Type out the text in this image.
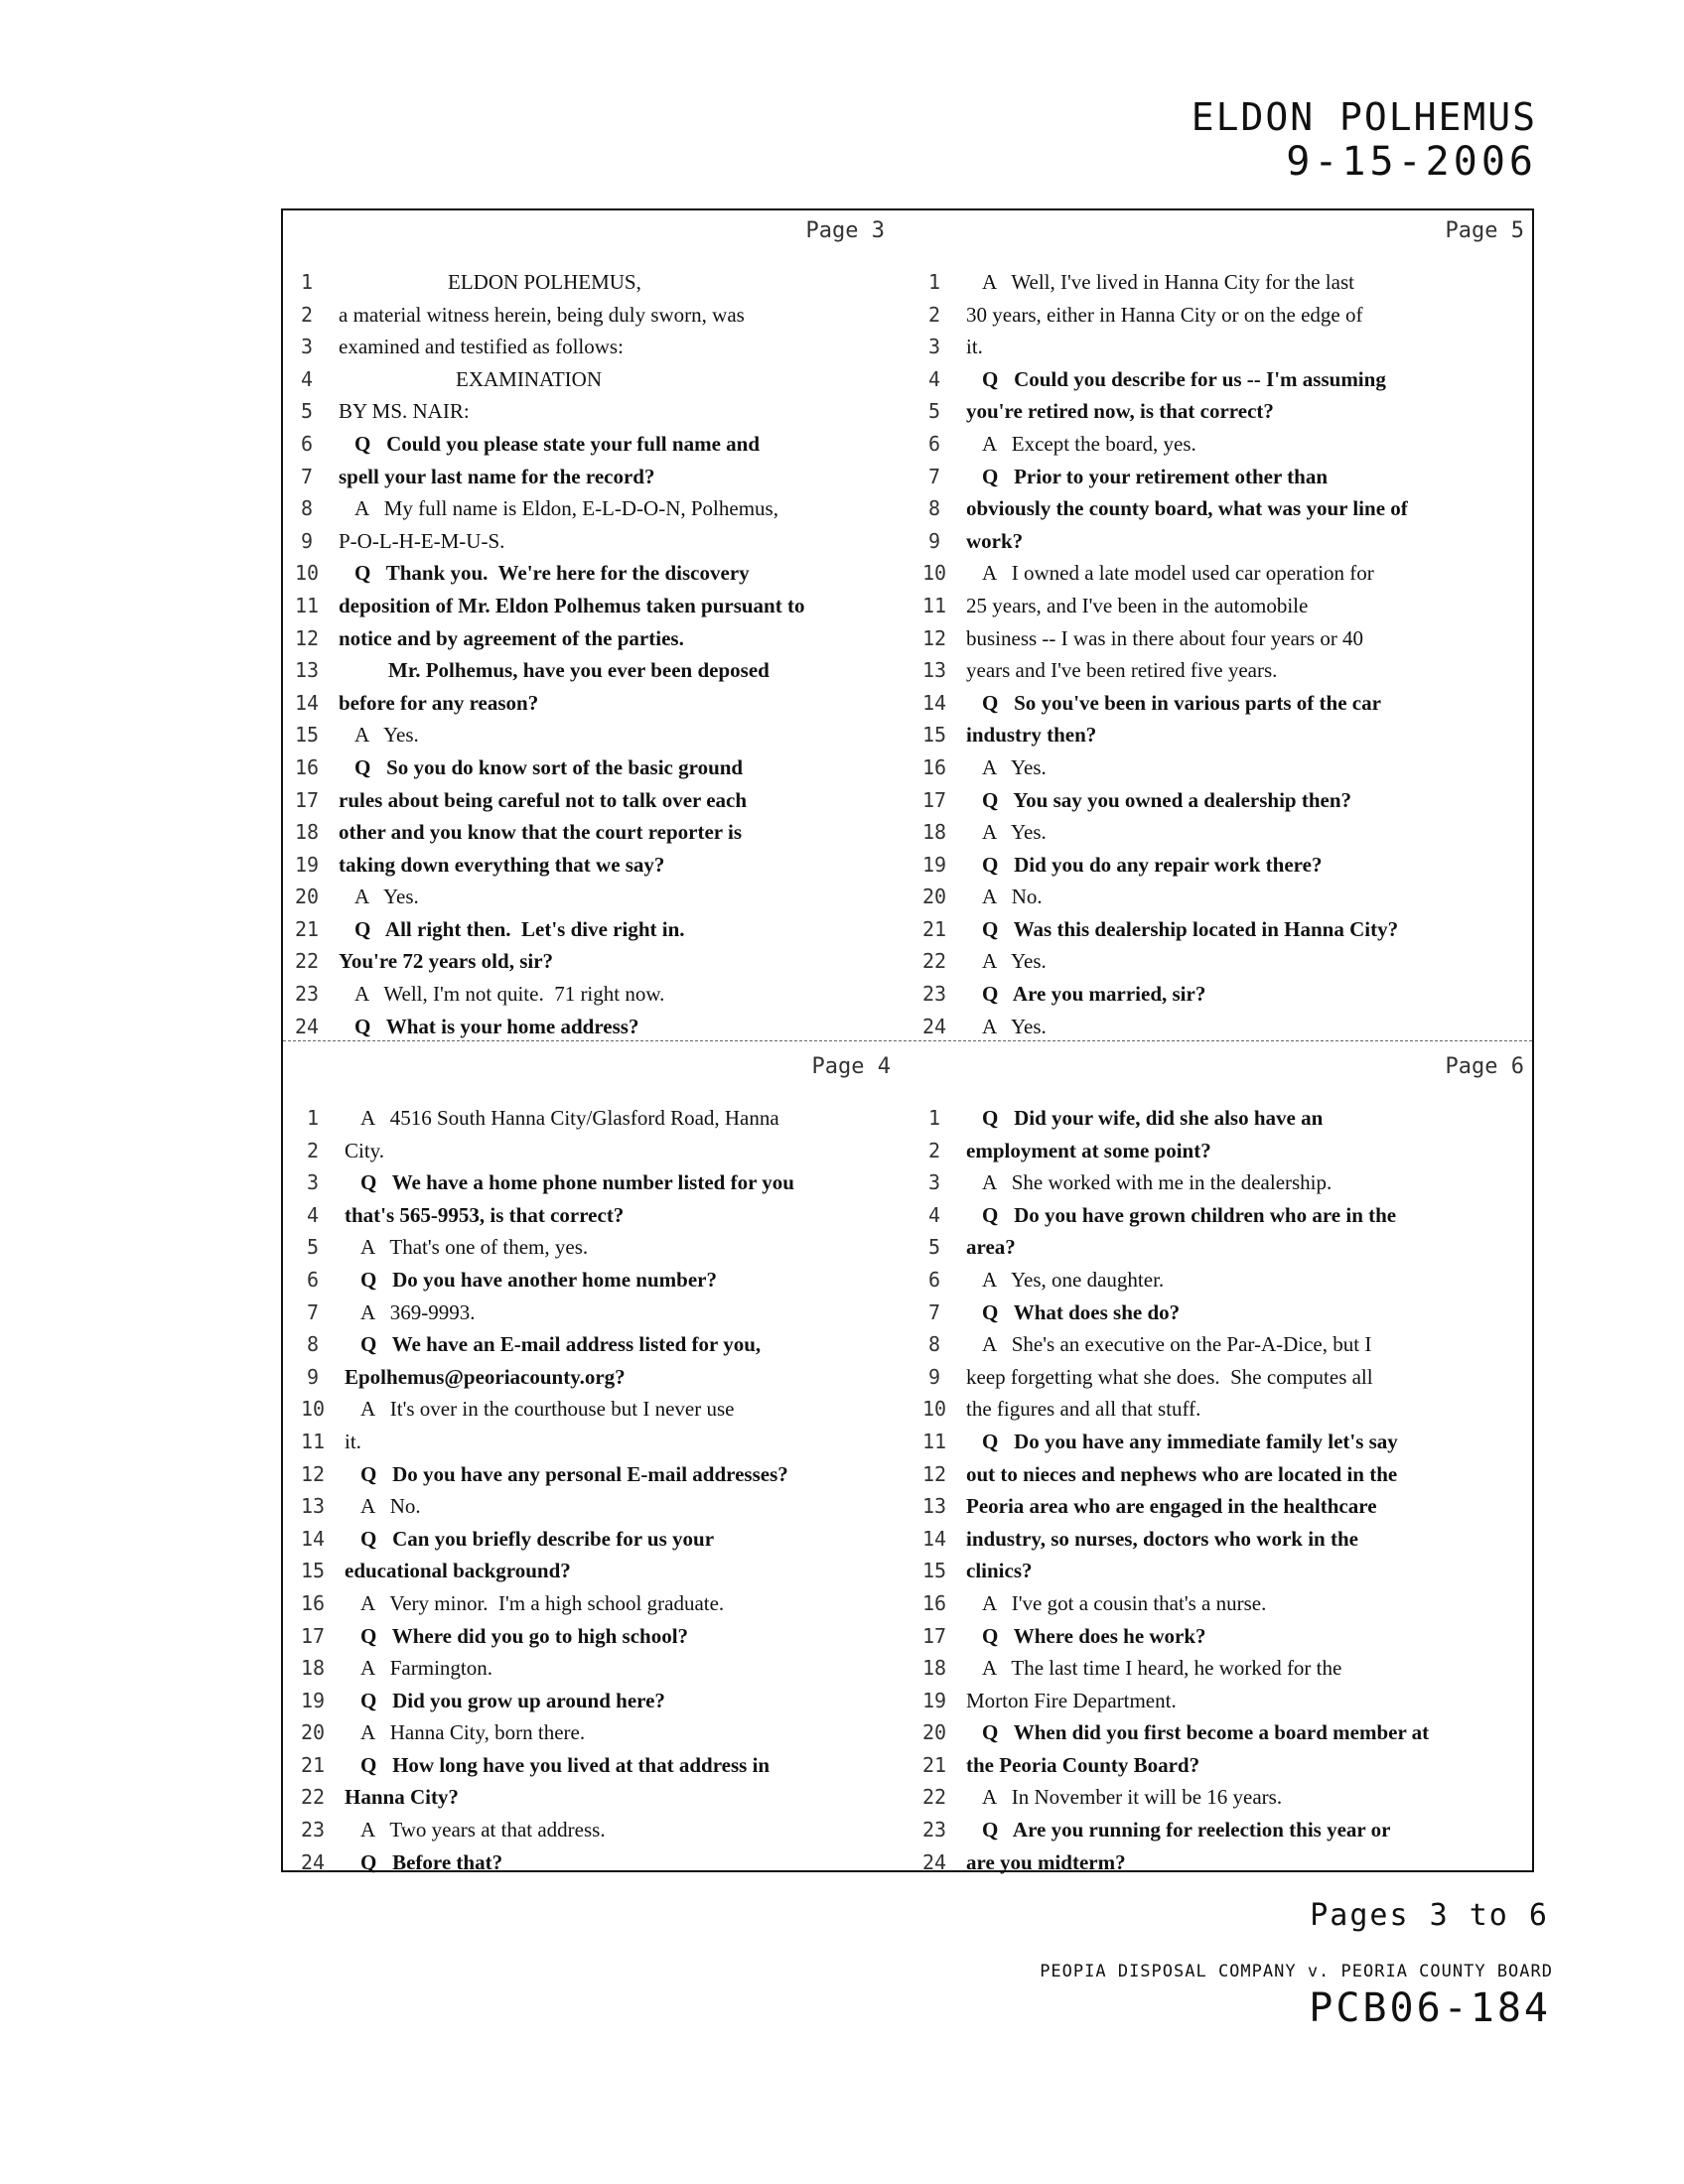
ELDON POLHEMUS
9-15-2006
Page 3
1	ELDON POLHEMUS,
2	a material witness herein, being duly sworn, was
3	examined and testified as follows:
4	EXAMINATION
5	BY MS. NAIR:
6	Q   Could you please state your full name and
7	spell your last name for the record?
8	A   My full name is Eldon, E-L-D-O-N, Polhemus,
9	P-O-L-H-E-M-U-S.
10	Q   Thank you.  We're here for the discovery
11 deposition of Mr. Eldon Polhemus taken pursuant to
12 notice and by agreement of the parties.
13	Mr. Polhemus, have you ever been deposed
14 before for any reason?
15	A   Yes.
16	Q   So you do know sort of the basic ground
17 rules about being careful not to talk over each
18 other and you know that the court reporter is
19 taking down everything that we say?
20	A   Yes.
21	Q   All right then.  Let's dive right in.
22 You're 72 years old, sir?
23	A   Well, I'm not quite.  71 right now.
24	Q   What is your home address?
Page 5
1	A   Well, I've lived in Hanna City for the last
2	30 years, either in Hanna City or on the edge of
3	it.
4	Q   Could you describe for us -- I'm assuming
5	you're retired now, is that correct?
6	A   Except the board, yes.
7	Q   Prior to your retirement other than
8	obviously the county board, what was your line of
9	work?
10	A   I owned a late model used car operation for
11 25 years, and I've been in the automobile
12 business -- I was in there about four years or 40
13 years and I've been retired five years.
14	Q   So you've been in various parts of the car
15 industry then?
16	A   Yes.
17	Q   You say you owned a dealership then?
18	A   Yes.
19	Q   Did you do any repair work there?
20	A   No.
21	Q   Was this dealership located in Hanna City?
22	A   Yes.
23	Q   Are you married, sir?
24	A   Yes.
Page 4
1	A   4516 South Hanna City/Glasford Road, Hanna
2	City.
3	Q   We have a home phone number listed for you
4	that's 565-9953, is that correct?
5	A   That's one of them, yes.
6	Q   Do you have another home number?
7	A   369-9993.
8	Q   We have an E-mail address listed for you,
9	Epolhemus@peoriacounty.org?
10	A   It's over in the courthouse but I never use
11 it.
12	Q   Do you have any personal E-mail addresses?
13	A   No.
14	Q   Can you briefly describe for us your
15 educational background?
16	A   Very minor.  I'm a high school graduate.
17	Q   Where did you go to high school?
18	A   Farmington.
19	Q   Did you grow up around here?
20	A   Hanna City, born there.
21	Q   How long have you lived at that address in
22 Hanna City?
23	A   Two years at that address.
24	Q   Before that?
Page 6
1	Q   Did your wife, did she also have an
2	employment at some point?
3	A   She worked with me in the dealership.
4	Q   Do you have grown children who are in the
5	area?
6	A   Yes, one daughter.
7	Q   What does she do?
8	A   She's an executive on the Par-A-Dice, but I
9	keep forgetting what she does.  She computes all
10 the figures and all that stuff.
11	Q   Do you have any immediate family let's say
12 out to nieces and nephews who are located in the
13 Peoria area who are engaged in the healthcare
14 industry, so nurses, doctors who work in the
15 clinics?
16	A   I've got a cousin that's a nurse.
17	Q   Where does he work?
18	A   The last time I heard, he worked for the
19 Morton Fire Department.
20	Q   When did you first become a board member at
21 the Peoria County Board?
22	A   In November it will be 16 years.
23	Q   Are you running for reelection this year or
24 are you midterm?
Pages 3 to 6
PEOPIA DISPOSAL COMPANY v. PEORIA COUNTY BOARD
PCB06-184
